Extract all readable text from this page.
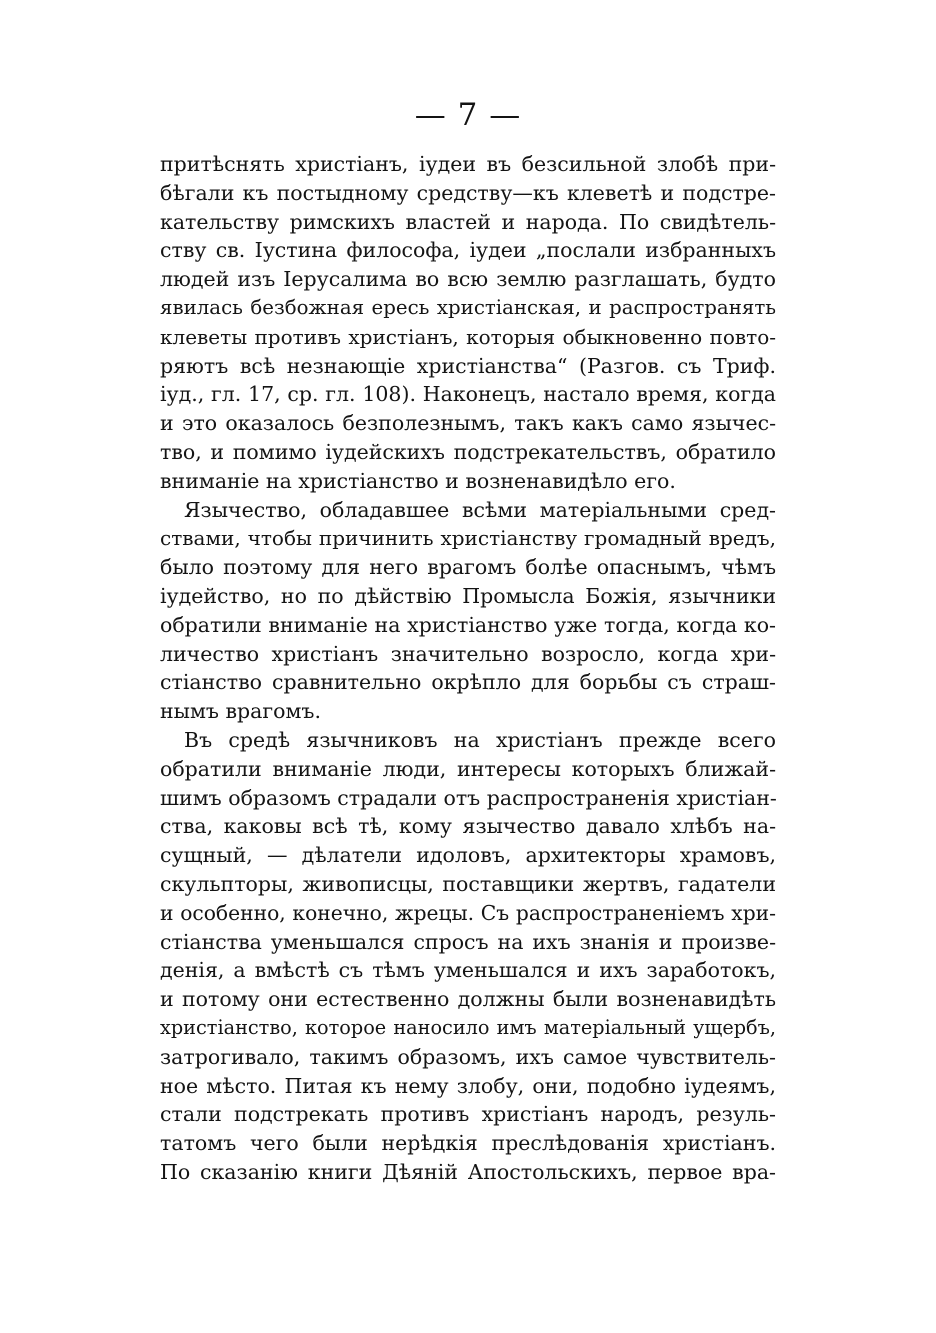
— 7 —
притѣснять христіанъ, іудеи въ безсильной злобѣ при-
бѣгали къ постыдному средству—къ клеветѣ и подстре-
кательству римскихъ властей и народа. По свидѣтель-
ству св. Іустина философа, іудеи „послали избранныхъ
людей изъ Іерусалима во всю землю разглашать, будто
явилась безбожная ересь христіанская, и распространять
клеветы противъ христіанъ, которыя обыкновенно повто-
ряютъ всѣ незнающіе христіанства“ (Разгов. съ Триф.
іуд., гл. 17, ср. гл. 108). Наконецъ, настало время, когда
и это оказалось безполезнымъ, такъ какъ само язычес-
тво, и помимо іудейскихъ подстрекательствъ, обратило
вниманіе на христіанство и возненавидѣло его.
Язычество, обладавшее всѣми матеріальными сред-
ствами, чтобы причинить христіанству громадный вредъ,
было поэтому для него врагомъ болѣе опаснымъ, чѣмъ
іудейство, но по дѣйствію Промысла Божія, язычники
обратили вниманіе на христіанство уже тогда, когда ко-
личество христіанъ значительно возросло, когда хри-
стіанство сравнительно окрѣпло для борьбы съ страш-
нымъ врагомъ.
Въ средѣ язычниковъ на христіанъ прежде всего
обратили вниманіе люди, интересы которыхъ ближай-
шимъ образомъ страдали отъ распространенія христіан-
ства, каковы всѣ тѣ, кому язычество давало хлѣбъ на-
сущный, — дѣлатели идоловъ, архитекторы храмовъ,
скульпторы, живописцы, поставщики жертвъ, гадатели
и особенно, конечно, жрецы. Съ распространеніемъ хри-
стіанства уменьшался спросъ на ихъ знанія и произве-
денія, а вмѣстѣ съ тѣмъ уменьшался и ихъ заработокъ,
и потому они естественно должны были возненавидѣть
христіанство, которое наносило имъ матеріальный ущербъ,
затрогивало, такимъ образомъ, ихъ самое чувствитель-
ное мѣсто. Питая къ нему злобу, они, подобно іудеямъ,
стали подстрекать противъ христіанъ народъ, резуль-
татомъ чего были нерѣдкія преслѣдованія христіанъ.
По сказанію книги Дѣяній Апостольскихъ, первое вра-
